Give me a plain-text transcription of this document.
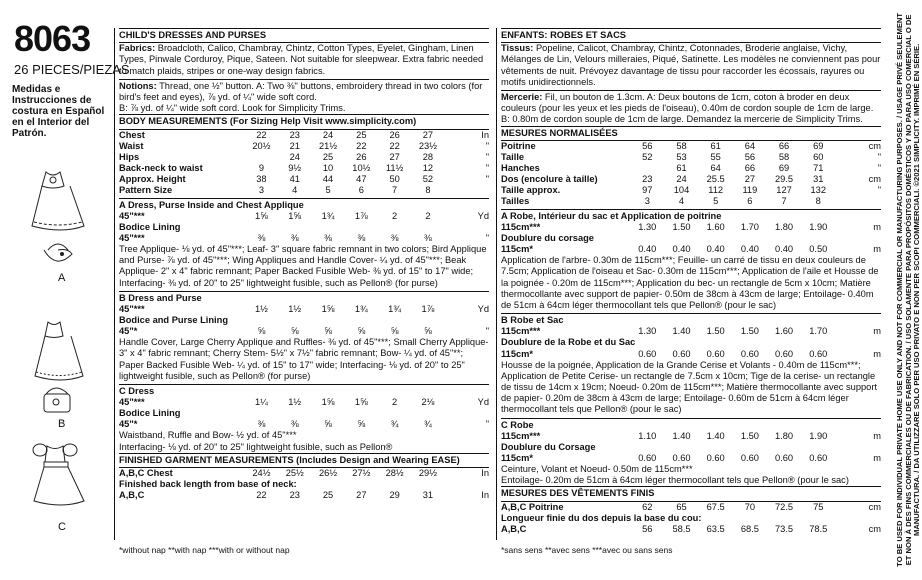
8063
26 PIECES/PIEZAS
Medidas e Instrucciones de costura en Español en el Interior del Patrón.
A
B
C

CHILD'S DRESSES AND PURSES

Fabrics: Broadcloth, Calico, Chambray, Chintz, Cotton Types, Eyelet, Gingham, Linen Types, Pinwale Corduroy, Pique, Sateen. Not suitable for sleepwear. Extra fabric needed to match plaids, stripes or one-way design fabrics.

Notions: Thread, one ½" button. A: Two ⅜" buttons, embroidery thread in two colors (for bird's feet and eyes), ⅞ yd. of ¼" wide soft cord.

B: ⅞ yd. of ¼" wide soft cord. Look for Simplicity Trims.

BODY MEASUREMENTS (For Sizing Help Visit www.simplicity.com)

Chest	22	23	24	25	26	27	In
Waist	20½	21	21½	22	22	23½	"
Hips		24	25	26	27	28	"
Back-neck to waist	9	9½	10	10½	11½	12	"
Approx. Height	38	41	44	47	50	52	"
Pattern Size	3	4	5	6	7	8	

A Dress, Purse Inside and Chest Applique

45"***	1⅝	1⅝	1¾	1⅞	2	2	Yd

Bodice Lining

45"***	⅜	⅜	⅜	⅜	⅜	⅜	"

Tree Applique- ⅛ yd. of 45"***; Leaf- 3" square fabric remnant in two colors; Bird Applique and Purse- ⅞ yd. of 45"***; Wing Appliques and Handle Cover- ¼ yd. of 45"***; Beak Applique- 2" x 4" fabric remnant; Paper Backed Fusible Web- ⅜ yd. of 15" to 17" wide; Interfacing- ⅜ yd. of 20" to 25" lightweight fusible, such as Pellon® (for purse)

B Dress and Purse

45"***	1½	1½	1⅝	1¾	1¾	1⅞	Yd

Bodice and Purse Lining

45"*	⅝	⅝	⅝	⅝	⅝	⅝	"

Handle Cover, Large Cherry Applique and Ruffles- ⅜ yd. of 45"***; Small Cherry Applique- 3" x 4" fabric remnant; Cherry Stem- 5½" x 7½" fabric remnant; Bow- ¼ yd. of 45"**; Paper Backed Fusible Web- ¼ yd. of 15" to 17" wide; Interfacing- ⅛ yd. of 20" to 25" lightweight fusible, such as Pellon® (for purse)

C Dress

45"***	1¼	1½	1⅝	1⅝	2	2⅛	Yd

Bodice Lining

45"*	⅜	⅜	⅝	⅝	¾	¾	"

Waistband, Ruffle and Bow- ½ yd. of 45"***

Interfacing- ⅛ yd. of 20" to 25" lightweight fusible, such as Pellon®

FINISHED GARMENT MEASUREMENTS (Includes Design and Wearing EASE)

A,B,C Chest	24½	25½	26½	27½	28½	29½	In

Finished back length from base of neck:

A,B,C	22	23	25	27	29	31	In
*without nap **with nap ***with or without nap

ENFANTS: ROBES ET SACS

Tissus: Popeline, Calicot, Chambray, Chintz, Cotonnades, Broderie anglaise, Vichy, Mélanges de Lin, Velours milleraies, Piqué, Satinette. Les modèles ne conviennent pas pour vêtements de nuit. Prévoyez davantage de tissu pour raccorder les écossais, rayures ou motifs unidirectionnels.

Mercerie: Fil, un bouton de 1.3cm. A: Deux boutons de 1cm, coton à broder en deux couleurs (pour les yeux et les pieds de l'oiseau), 0.40m de cordon souple de 1cm de large.

B: 0.80m de cordon souple de 1cm de large. Demandez la mercerie de Simplicity Trims.

MESURES NORMALISÉES

Poitrine	56	58	61	64	66	69	cm
Taille	52	53	55	56	58	60	"
Hanches		61	64	66	69	71	"
Dos (encolure à taille)	23	24	25.5	27	29.5	31	cm
Taille approx.	97	104	112	119	127	132	"
Tailles	3	4	5	6	7	8	

A Robe, Intérieur du sac et Application de poitrine

115cm***	1.30	1.50	1.60	1.70	1.80	1.90	m

Doublure du corsage

115cm*	0.40	0.40	0.40	0.40	0.40	0.50	m

Application de l'arbre- 0.30m de 115cm***; Feuille- un carré de tissu en deux couleurs de 7.5cm; Application de l'oiseau et Sac- 0.30m de 115cm***; Application de l'aile et Housse de la poignée - 0.20m de 115cm***; Application du bec- un rectangle de 5cm x 10cm; Matière thermocollante avec support de papier- 0.50m de 38cm à 43cm de large; Entoilage- 0.40m de 51cm à 64cm léger thermocollant tels que Pellon® (pour le sac)

B Robe et Sac

115cm***	1.30	1.40	1.50	1.50	1.60	1.70	m

Doublure de la Robe et du Sac

115cm*	0.60	0.60	0.60	0.60	0.60	0.60	m

Housse de la poignée, Application de la Grande Cerise et Volants - 0.40m de 115cm***; Application de Petite Cerise- un rectangle de 7.5cm x 10cm; Tige de la cerise- un rectangle de tissu de 14cm x 19cm; Noeud- 0.20m de 115cm***; Matière thermocollante avec support de papier- 0.20m de 38cm à 43cm de large; Entoilage- 0.60m de 51cm à 64cm léger thermocollant tels que Pellon® (pour le sac)

C Robe

115cm***	1.10	1.40	1.40	1.50	1.80	1.90	m

Doublure du Corsage

115cm*	0.60	0.60	0.60	0.60	0.60	0.60	m

Ceinture, Volant et Noeud- 0.50m de 115cm***

Entoilage- 0.20m de 51cm à 64cm léger thermocollant tels que Pellon® (pour le sac)

MESURES DES VÊTEMENTS FINIS

A,B,C Poitrine	62	65	67.5	70	72.5	75	cm

Longueur finie du dos depuis la base du cou:

A,B,C	56	58.5	63.5	68.5	73.5	78.5	cm
*sans sens **avec sens ***avec ou sans sens	TO BE USED FOR INDIVIDUAL PRIVATE HOME USE ONLY AND NOT FOR COMMERCIAL OR MANUFACTURING PURPOSES. / USAGE PRIVÉ SEULEMENT ET NON À DES FINS COMMERCIALES OU DE FABRICATION. / USO SOLAMENTE PARA PROPÓSITOS DOMÉSTICOS Y NO PARA USO COMERCIAL O DE MANUFACTURA. / DA UTILIZZARE SOLO PER USO PRIVATO E NON PER SCOPI COMMERCIALI. ©2021 SIMPLICITY. IMPRIMÉ EN SÉRIE.
